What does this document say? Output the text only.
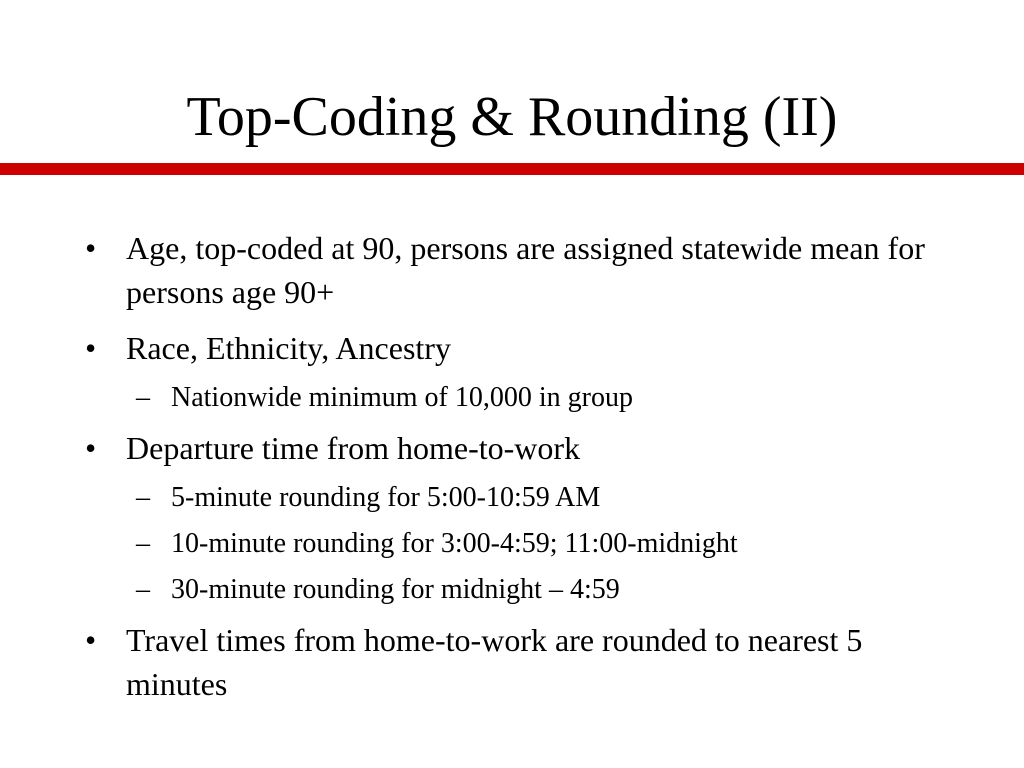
Top-Coding & Rounding (II)
• Age, top-coded at 90, persons are assigned statewide mean for persons age 90+
• Race, Ethnicity, Ancestry
– Nationwide minimum of 10,000 in group
• Departure time from home-to-work
– 5-minute rounding for 5:00-10:59 AM
– 10-minute rounding for 3:00-4:59; 11:00-midnight
– 30-minute rounding for midnight – 4:59
• Travel times from home-to-work are rounded to nearest 5 minutes
